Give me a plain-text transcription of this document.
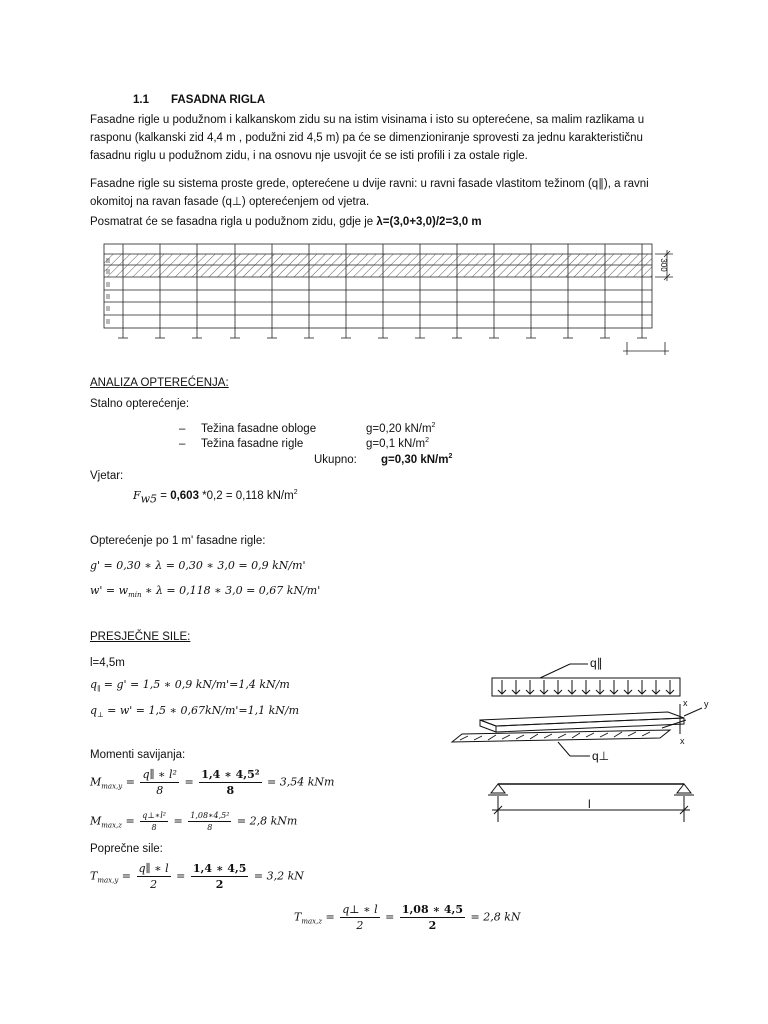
1.1 FASADNA RIGLA

Fasadne rigle u podužnom i kalkanskom zidu su na istim visinama i isto su opterećene, sa malim razlikama u rasponu (kalkanski zid 4,4 m , podužni zid 4,5 m) pa će se dimenzioniranje sprovesti za jednu karakterističnu fasadnu riglu u podužnom zidu, i na osnovu nje usvojit će se isti profili i za ostale rigle.

Fasadne rigle su sistema proste grede, opterećene u dvije ravni: u ravni fasade vlastitom težinom (q∥), a ravni okomitoj na ravan fasade (q⊥) opterećenjem od vjetra.

Posmatrat će se fasadna rigla u podužnom zidu, gdje je λ=(3,0+3,0)/2=3,0 m
300
ANALIZA OPTEREĆENJA:
Stalno opterećenje:
– Težina fasadne obloge	g=0,20 $kN/m^2$
– Težina fasadne rigle	g=0,1 $kN/m^2$
Ukupno: g=0,30 $kN/m^2$
Vjetar:
$F_{w5} = 0,603$ *0,2 = 0,118 $kN/m^2$
Opterećenje po 1 m' fasadne rigle:
g' = 0,30 ∗ λ = 0,30 ∗ 3,0 = 0,9 kN/m'
$w' = w_{min}$ ∗ λ = 0,118 ∗ 3,0 = 0,67 kN/m'
PRESJEČNE SILE:
l=4,5m
$q_\parallel = g' = 1,5$ ∗ 0,9 kN/m'=1,4 kN/m
$q_\perp = w' = 1,5$ ∗ 0,67kN/m'=1,1 kN/m
Momenti savijanja:
$M_{max,y} = \frac{\text{q∥ ∗ l²}}{8} = \frac{\text{1,4 ∗ 4,5²}}{8} = 3,54$ kNm
$M_{max,z} = \frac{\text{q⊥∗l²}}{8} = \frac{\text{1,08∗4,5²}}{8} = 2,8$ kNm
Poprečne sile:
$T_{max,y} = \frac{q\parallel ∗ l}{2} = \frac{1,4 ∗ 4,5}{2} = 3,2$ kN
$T_{max,z} = \frac{q\perp ∗ l}{2} = \frac{1,08 ∗ 4,5}{2} = 2,8$ kN
q∥
q⊥
x y
x
l
